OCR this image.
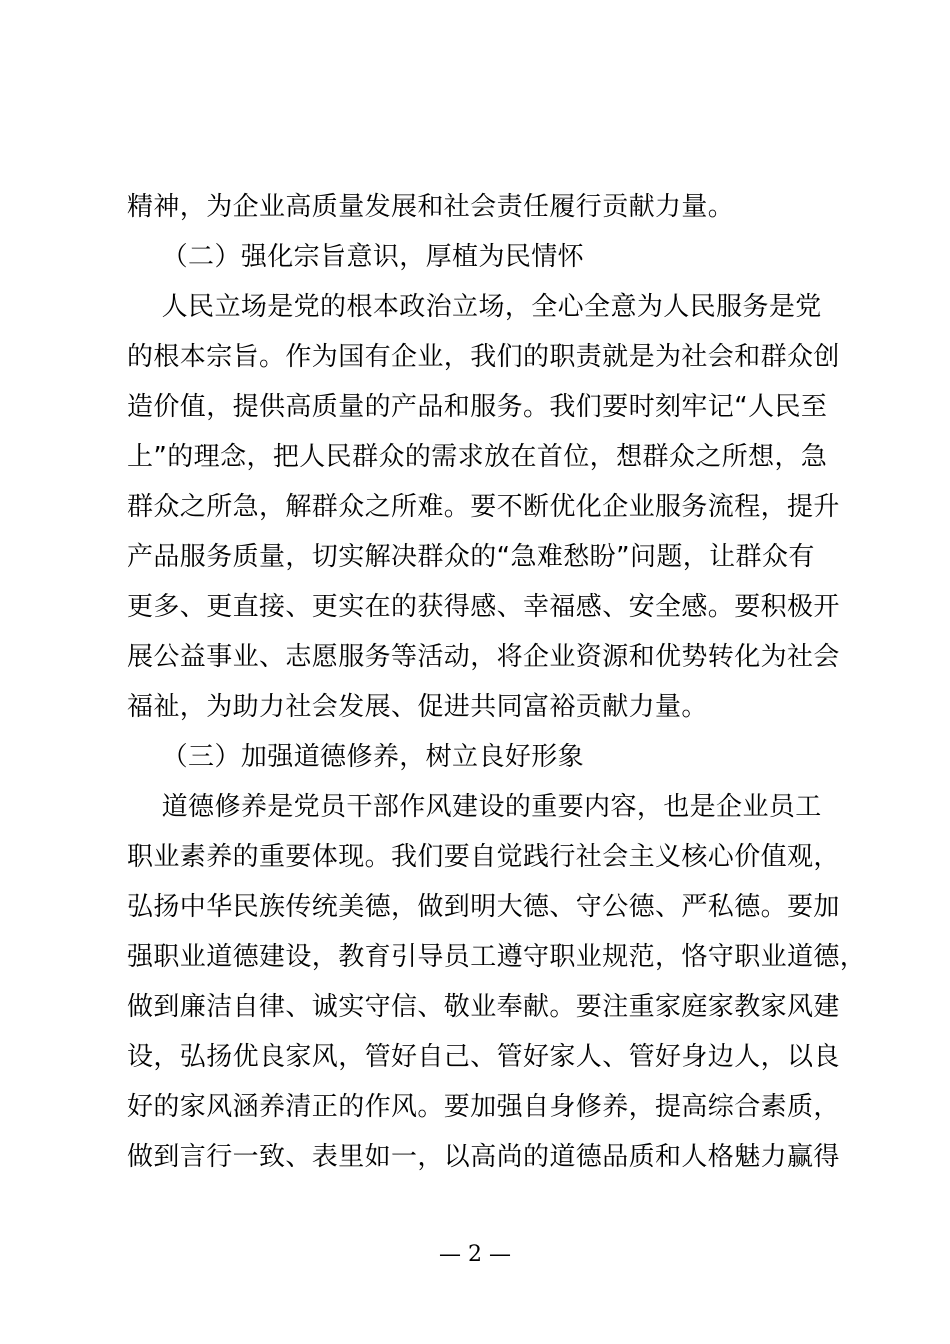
精神，为企业高质量发展和社会责任履行贡献力量。
（二）强化宗旨意识，厚植为民情怀
人民立场是党的根本政治立场，全心全意为人民服务是党
的根本宗旨。作为国有企业，我们的职责就是为社会和群众创
造价值，提供高质量的产品和服务。我们要时刻牢记“人民至
上”的理念，把人民群众的需求放在首位，想群众之所想，急
群众之所急，解群众之所难。要不断优化企业服务流程，提升
产品服务质量，切实解决群众的“急难愁盼”问题，让群众有
更多、更直接、更实在的获得感、幸福感、安全感。要积极开
展公益事业、志愿服务等活动，将企业资源和优势转化为社会
福祉，为助力社会发展、促进共同富裕贡献力量。
（三）加强道德修养，树立良好形象
道德修养是党员干部作风建设的重要内容，也是企业员工
职业素养的重要体现。我们要自觉践行社会主义核心价值观，
弘扬中华民族传统美德，做到明大德、守公德、严私德。要加
强职业道德建设，教育引导员工遵守职业规范，恪守职业道德，
做到廉洁自律、诚实守信、敬业奉献。要注重家庭家教家风建
设，弘扬优良家风，管好自己、管好家人、管好身边人，以良
好的家风涵养清正的作风。要加强自身修养，提高综合素质，
做到言行一致、表里如一，以高尚的道德品质和人格魅力赢得
— 2 —
